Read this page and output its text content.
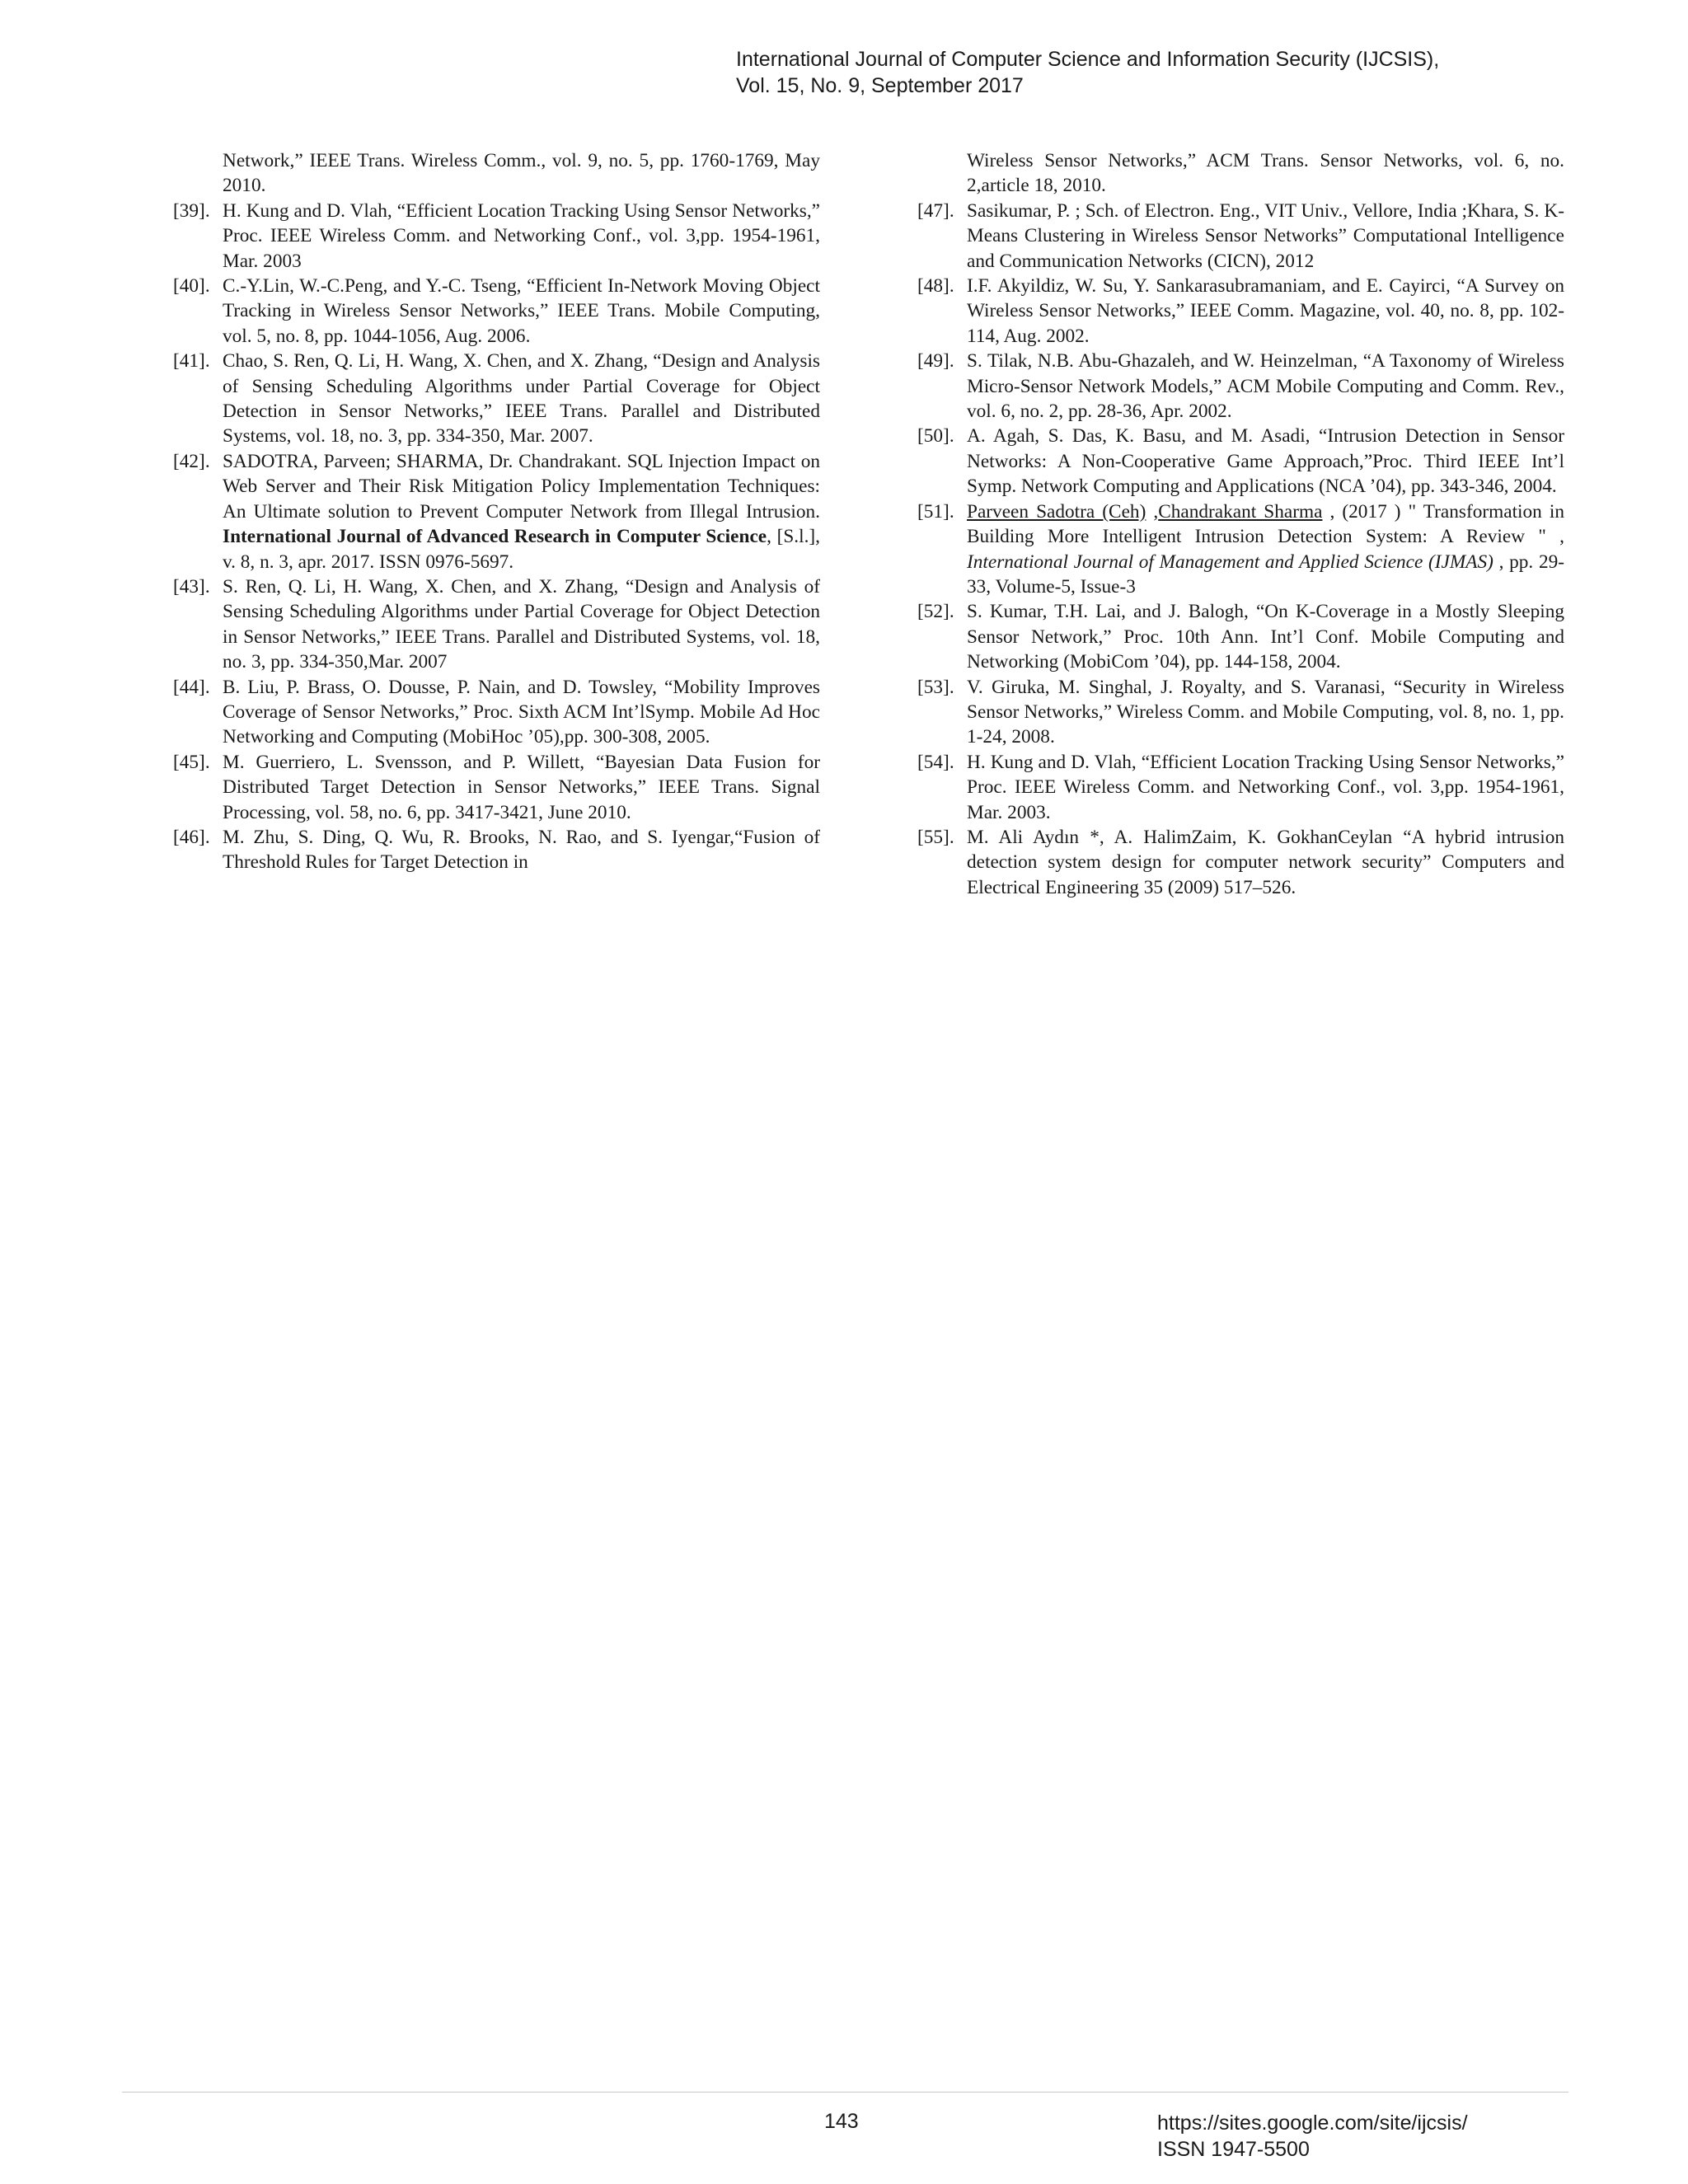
International Journal of Computer Science and Information Security (IJCSIS),
Vol. 15, No. 9, September 2017

Network,” IEEE Trans. Wireless Comm., vol. 9, no. 5, pp. 1760-1769, May 2010.

[39]. H. Kung and D. Vlah, “Efficient Location Tracking Using Sensor Networks,” Proc. IEEE Wireless Comm. and Networking Conf., vol. 3,pp. 1954-1961, Mar. 2003

[40]. C.-Y.Lin, W.-C.Peng, and Y.-C. Tseng, “Efficient In-Network Moving Object Tracking in Wireless Sensor Networks,” IEEE Trans. Mobile Computing, vol. 5, no. 8, pp. 1044-1056, Aug. 2006.

[41]. Chao, S. Ren, Q. Li, H. Wang, X. Chen, and X. Zhang, “Design and Analysis of Sensing Scheduling Algorithms under Partial Coverage for Object Detection in Sensor Networks,” IEEE Trans. Parallel and Distributed Systems, vol. 18, no. 3, pp. 334-350, Mar. 2007.

[42]. SADOTRA, Parveen; SHARMA, Dr. Chandrakant. SQL Injection Impact on Web Server and Their Risk Mitigation Policy Implementation Techniques: An Ultimate solution to Prevent Computer Network from Illegal Intrusion. International Journal of Advanced Research in Computer Science, [S.l.], v. 8, n. 3, apr. 2017. ISSN 0976-5697.

[43]. S. Ren, Q. Li, H. Wang, X. Chen, and X. Zhang, “Design and Analysis of Sensing Scheduling Algorithms under Partial Coverage for Object Detection in Sensor Networks,” IEEE Trans. Parallel and Distributed Systems, vol. 18, no. 3, pp. 334-350,Mar. 2007

[44]. B. Liu, P. Brass, O. Dousse, P. Nain, and D. Towsley, “Mobility Improves Coverage of Sensor Networks,” Proc. Sixth ACM Int’lSymp. Mobile Ad Hoc Networking and Computing (MobiHoc ’05),pp. 300-308, 2005.

[45]. M. Guerriero, L. Svensson, and P. Willett, “Bayesian Data Fusion for Distributed Target Detection in Sensor Networks,” IEEE Trans. Signal Processing, vol. 58, no. 6, pp. 3417-3421, June 2010.

[46]. M. Zhu, S. Ding, Q. Wu, R. Brooks, N. Rao, and S. Iyengar,“Fusion of Threshold Rules for Target Detection in

Wireless Sensor Networks,” ACM Trans. Sensor Networks, vol. 6, no. 2,article 18, 2010.

[47]. Sasikumar, P. ; Sch. of Electron. Eng., VIT Univ., Vellore, India ;Khara, S. K-Means Clustering in Wireless Sensor Networks” Computational Intelligence and Communication Networks (CICN), 2012

[48]. I.F. Akyildiz, W. Su, Y. Sankarasubramaniam, and E. Cayirci, “A Survey on Wireless Sensor Networks,” IEEE Comm. Magazine, vol. 40, no. 8, pp. 102-114, Aug. 2002.

[49]. S. Tilak, N.B. Abu-Ghazaleh, and W. Heinzelman, “A Taxonomy of Wireless Micro-Sensor Network Models,” ACM Mobile Computing and Comm. Rev., vol. 6, no. 2, pp. 28-36, Apr. 2002.

[50]. A. Agah, S. Das, K. Basu, and M. Asadi, “Intrusion Detection in Sensor Networks: A Non-Cooperative Game Approach,”Proc. Third IEEE Int’l Symp. Network Computing and Applications (NCA ’04), pp. 343-346, 2004.

[51]. Parveen Sadotra (Ceh) ,Chandrakant Sharma , (2017 ) " Transformation in Building More Intelligent Intrusion Detection System: A Review " , International Journal of Management and Applied Science (IJMAS) , pp. 29-33, Volume-5, Issue-3

[52]. S. Kumar, T.H. Lai, and J. Balogh, “On K-Coverage in a Mostly Sleeping Sensor Network,” Proc. 10th Ann. Int’l Conf. Mobile Computing and Networking (MobiCom ’04), pp. 144-158, 2004.

[53]. V. Giruka, M. Singhal, J. Royalty, and S. Varanasi, “Security in Wireless Sensor Networks,” Wireless Comm. and Mobile Computing, vol. 8, no. 1, pp. 1-24, 2008.

[54]. H. Kung and D. Vlah, “Efficient Location Tracking Using Sensor Networks,” Proc. IEEE Wireless Comm. and Networking Conf., vol. 3,pp. 1954-1961, Mar. 2003.

[55]. M. Ali Aydın *, A. HalimZaim, K. GokhanCeylan “A hybrid intrusion detection system design for computer network security” Computers and Electrical Engineering 35 (2009) 517–526.

143	https://sites.google.com/site/ijcsis/
ISSN 1947-5500
